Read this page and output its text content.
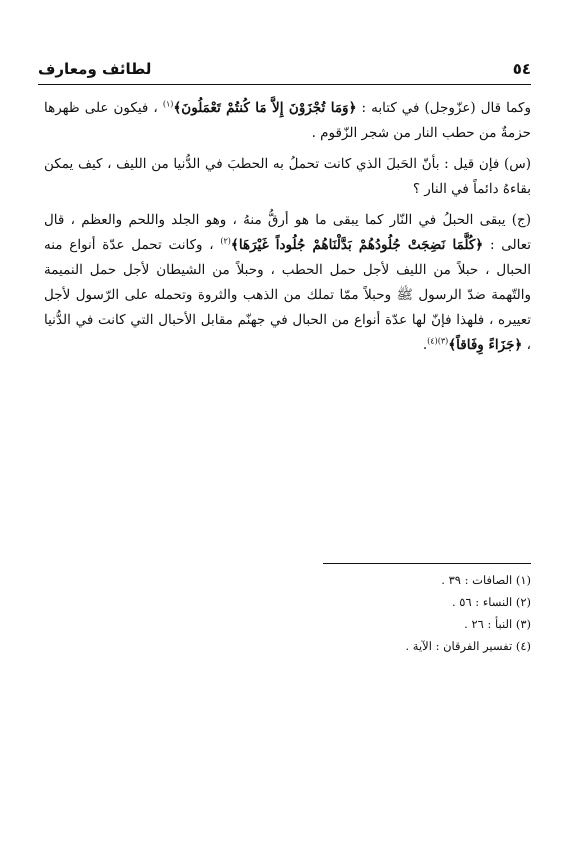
٥٤
لطائف ومعارف

وكما قال (عزّوجل) في كتابه : ﴿وَمَا تُجْزَوْنَ إِلاَّ مَا كُنتُمْ تَعْمَلُونَ﴾$^{(١)}$ ، فيكون على ظهرها حزمةٌ من حطب النار من شجر الزّقوم .

(س) فإن قيل : بأنّ الحَبلَ الذي كانت تحملُ به الحطبَ في الدُّنيا من الليف ، كيف يمكن بقاءهُ دائماً في النار ؟

(ج) يبقى الحبلُ في النّار كما يبقى ما هو أرقُّ منهُ ، وهو الجلد واللحم والعظم ، قال تعالى : ﴿كُلَّمَا نَضِجَتْ جُلُودُهُمْ بَدَّلْنَاهُمْ جُلُوداً غَيْرَهَا﴾$^{(٢)}$ ، وكانت تحمل عدّة أنواع منه الحبال ، حبلاً من الليف لأجل حمل الحطب ، وحبلاً من الشيطان لأجل حمل النميمة والتّهمة ضدّ الرسول ﷺ وحبلاً ممّا تملك من الذهب والثروة وتحمله على الرّسول لأجل تعييره ، فلهذا فإنّ لها عدّة أنواع من الحبال في جهنّم مقابل الأحبال التي كانت في الدُّنيا ، ﴿جَزَاءً وِفَاقاً﴾$^{(٣)(٤)}$.

(١) الصافات : ٣٩ .
(٢) النساء : ٥٦ .
(٣) النبأ : ٢٦ .
(٤) تفسير الفرقان : الآية .
